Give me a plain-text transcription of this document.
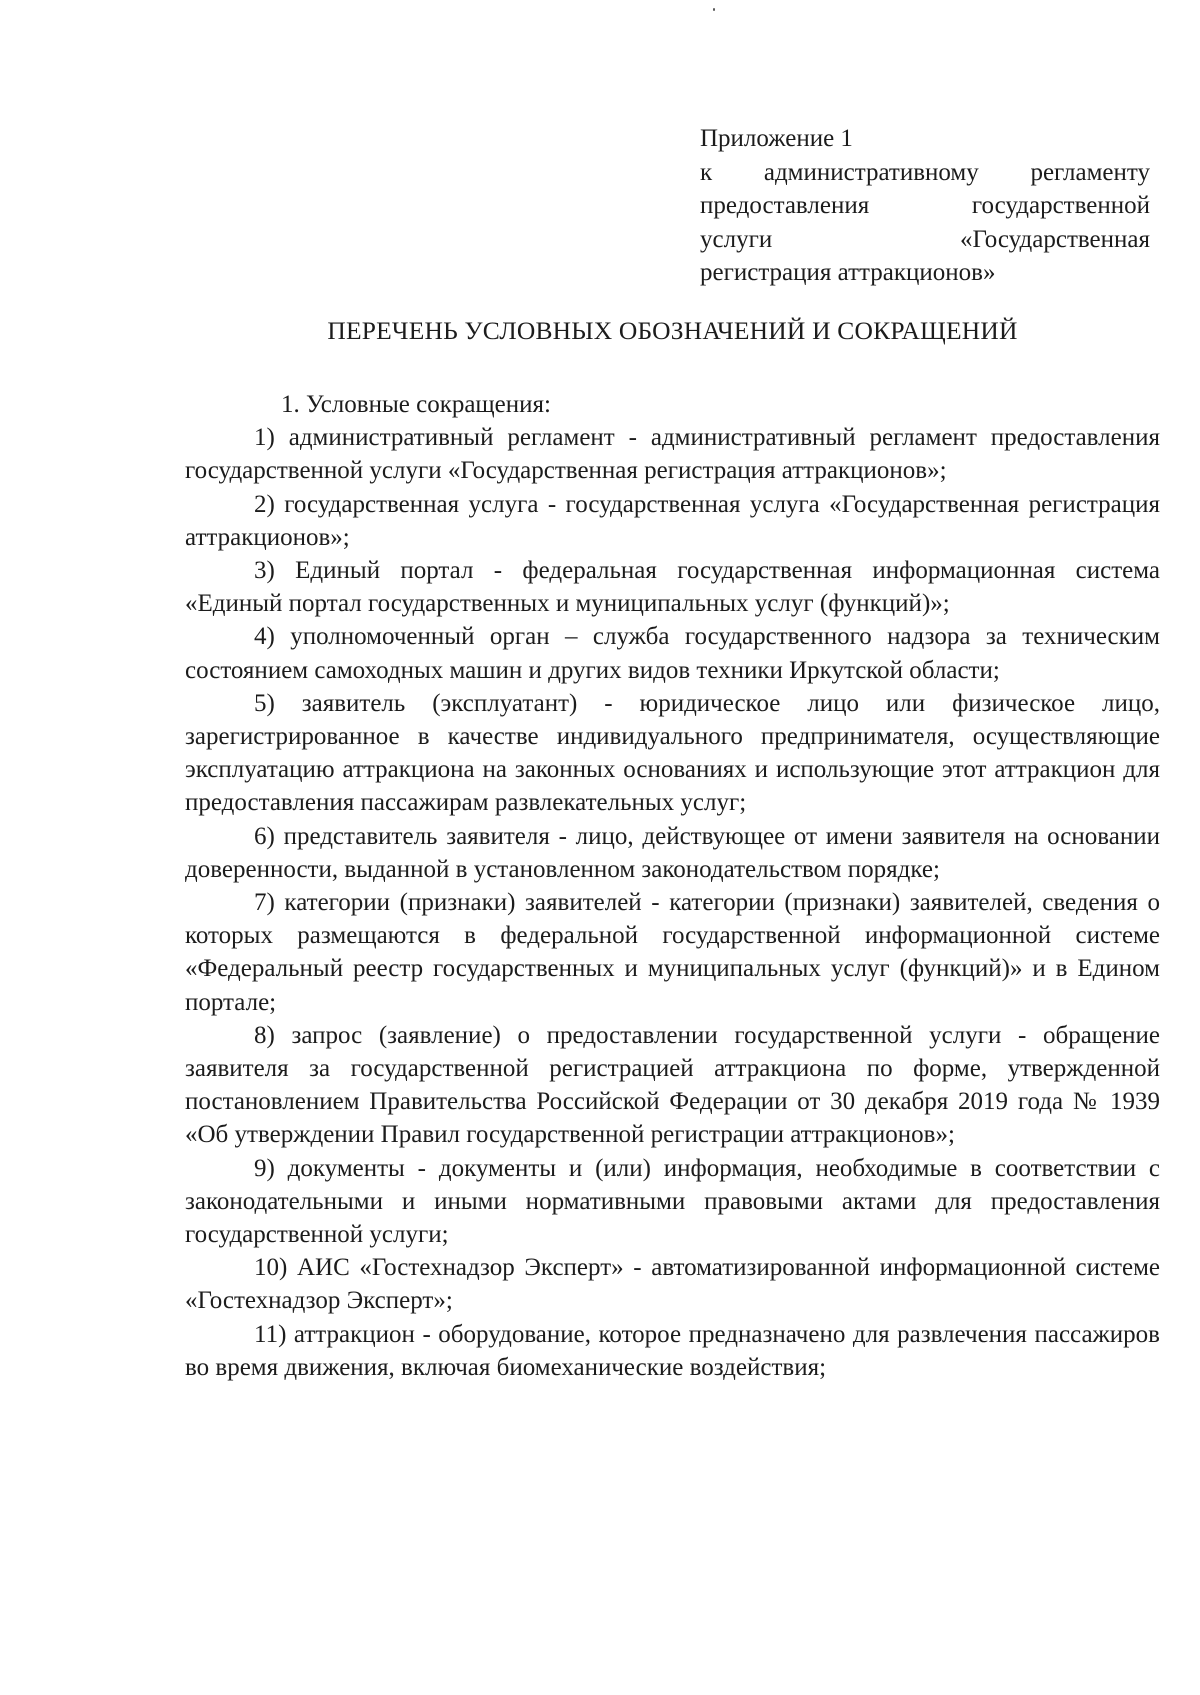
Приложение 1
к административному регламенту
предоставления государственной
услуги «Государственная
регистрация аттракционов»
ПЕРЕЧЕНЬ УСЛОВНЫХ ОБОЗНАЧЕНИЙ И СОКРАЩЕНИЙ

1. Условные сокращения:

1) административный регламент - административный регламент предоставления государственной услуги «Государственная регистрация аттракционов»;

2) государственная услуга - государственная услуга «Государственная регистрация аттракционов»;

3) Единый портал - федеральная государственная информационная система «Единый портал государственных и муниципальных услуг (функций)»;

4) уполномоченный орган – служба государственного надзора за техническим состоянием самоходных машин и других видов техники Иркутской области;

5) заявитель (эксплуатант) - юридическое лицо или физическое лицо, зарегистрированное в качестве индивидуального предпринимателя, осуществляющие эксплуатацию аттракциона на законных основаниях и использующие этот аттракцион для предоставления пассажирам развлекательных услуг;

6) представитель заявителя - лицо, действующее от имени заявителя на основании доверенности, выданной в установленном законодательством порядке;

7) категории (признаки) заявителей - категории (признаки) заявителей, сведения о которых размещаются в федеральной государственной информационной системе «Федеральный реестр государственных и муниципальных услуг (функций)» и в Едином портале;

8) запрос (заявление) о предоставлении государственной услуги - обращение заявителя за государственной регистрацией аттракциона по форме, утвержденной постановлением Правительства Российской Федерации от 30 декабря 2019 года № 1939 «Об утверждении Правил государственной регистрации аттракционов»;

9) документы - документы и (или) информация, необходимые в соответствии с законодательными и иными нормативными правовыми актами для предоставления государственной услуги;

10) АИС «Гостехнадзор Эксперт» - автоматизированной информационной системе «Гостехнадзор Эксперт»;

11) аттракцион - оборудование, которое предназначено для развлечения пассажиров во время движения, включая биомеханические воздействия;
